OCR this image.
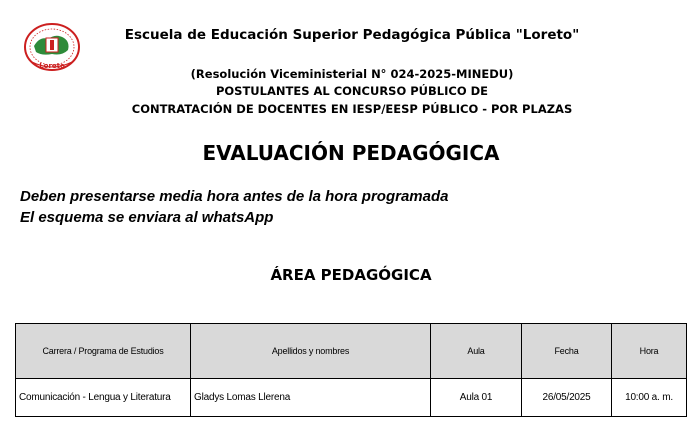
Loreto
Escuela de Educación Superior Pedagógica Pública "Loreto"
(Resolución Viceministerial N° 024-2025-MINEDU)
POSTULANTES AL CONCURSO PÚBLICO DE
CONTRATACIÓN DE DOCENTES EN IESP/EESP PÚBLICO - POR PLAZAS
EVALUACIÓN PEDAGÓGICA
Deben presentarse media hora antes de la hora programada
El esquema se enviara al whatsApp
ÁREA PEDAGÓGICA
Carrera / Programa de Estudios	Apellidos y nombres	Aula	Fecha	Hora
Comunicación - Lengua y Literatura	Gladys Lomas Llerena	Aula 01	26/05/2025	10:00 a. m.
